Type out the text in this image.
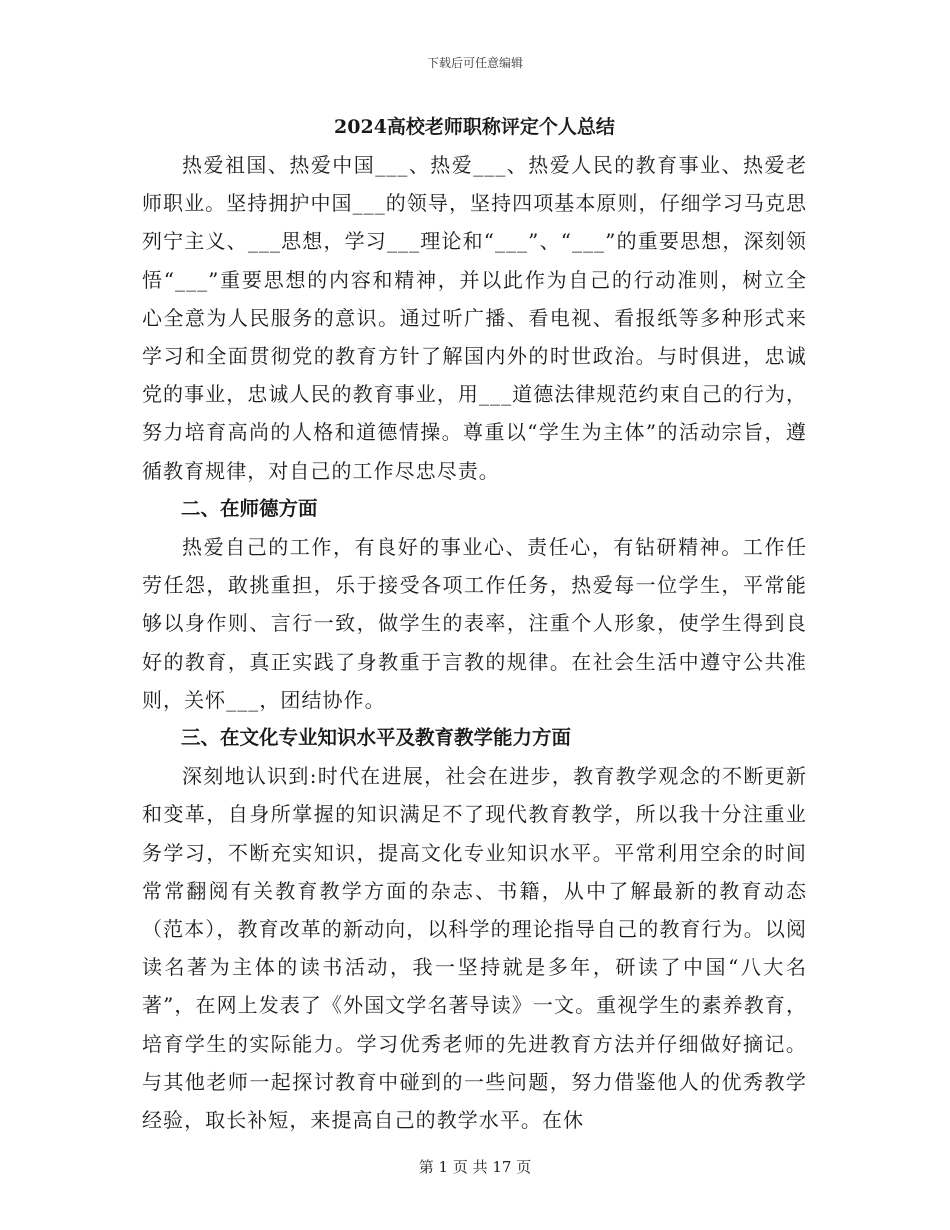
下载后可任意编辑
2024高校老师职称评定个人总结

热爱祖国、热爱中国___、热爱___、热爱人民的教育事业、热爱老师职业。坚持拥护中国___的领导，坚持四项基本原则，仔细学习马克思列宁主义、___思想，学习___理论和“___”、“___”的重要思想，深刻领悟“___”重要思想的内容和精神，并以此作为自己的行动准则，树立全心全意为人民服务的意识。通过听广播、看电视、看报纸等多种形式来学习和全面贯彻党的教育方针了解国内外的时世政治。与时俱进，忠诚党的事业，忠诚人民的教育事业，用___道德法律规范约束自己的行为，努力培育高尚的人格和道德情操。尊重以“学生为主体”的活动宗旨，遵循教育规律，对自己的工作尽忠尽责。

二、在师德方面

热爱自己的工作，有良好的事业心、责任心，有钻研精神。工作任劳任怨，敢挑重担，乐于接受各项工作任务，热爱每一位学生，平常能够以身作则、言行一致，做学生的表率，注重个人形象，使学生得到良好的教育，真正实践了身教重于言教的规律。在社会生活中遵守公共准则，关怀___，团结协作。

三、在文化专业知识水平及教育教学能力方面

深刻地认识到:时代在进展，社会在进步，教育教学观念的不断更新和变革，自身所掌握的知识满足不了现代教育教学，所以我十分注重业务学习，不断充实知识，提高文化专业知识水平。平常利用空余的时间常常翻阅有关教育教学方面的杂志、书籍，从中了解最新的教育动态（范本），教育改革的新动向，以科学的理论指导自己的教育行为。以阅读名著为主体的读书活动，我一坚持就是多年，研读了中国“八大名著”，在网上发表了《外国文学名著导读》一文。重视学生的素养教育，培育学生的实际能力。学习优秀老师的先进教育方法并仔细做好摘记。与其他老师一起探讨教育中碰到的一些问题，努力借鉴他人的优秀教学经验，取长补短，来提高自己的教学水平。在休

第 1 页 共 17 页
